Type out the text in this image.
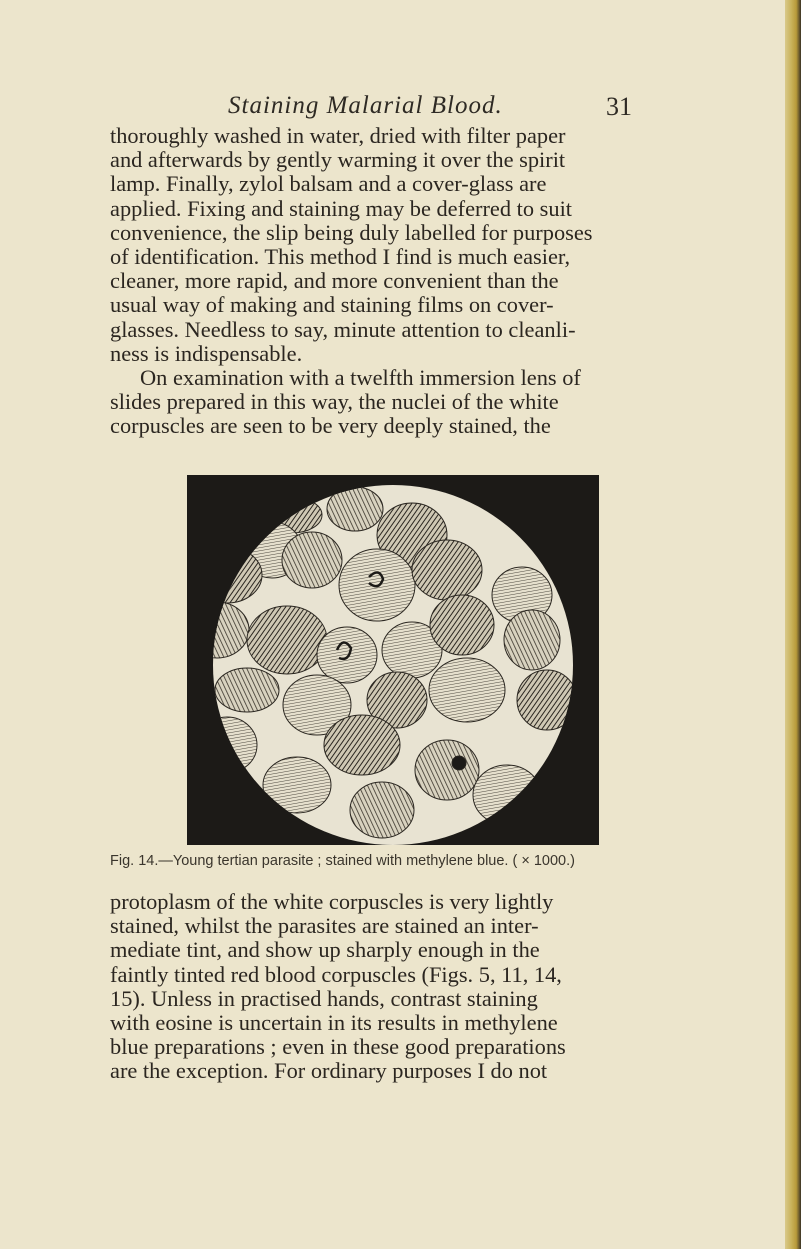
Staining Malarial Blood.	31
thoroughly washed in water, dried with filter paper
and afterwards by gently warming it over the spirit
lamp. Finally, zylol balsam and a cover-glass are
applied. Fixing and staining may be deferred to suit
convenience, the slip being duly labelled for purposes
of identification. This method I find is much easier,
cleaner, more rapid, and more convenient than the
usual way of making and staining films on cover-
glasses. Needless to say, minute attention to cleanli-
ness is indispensable.
On examination with a twelfth immersion lens of
slides prepared in this way, the nuclei of the white
corpuscles are seen to be very deeply stained, the
Fig. 14.—Young tertian parasite ; stained with methylene blue. ( × 1000.)
protoplasm of the white corpuscles is very lightly
stained, whilst the parasites are stained an inter-
mediate tint, and show up sharply enough in the
faintly tinted red blood corpuscles (Figs. 5, 11, 14,
15). Unless in practised hands, contrast staining
with eosine is uncertain in its results in methylene
blue preparations ; even in these good preparations
are the exception. For ordinary purposes I do not
